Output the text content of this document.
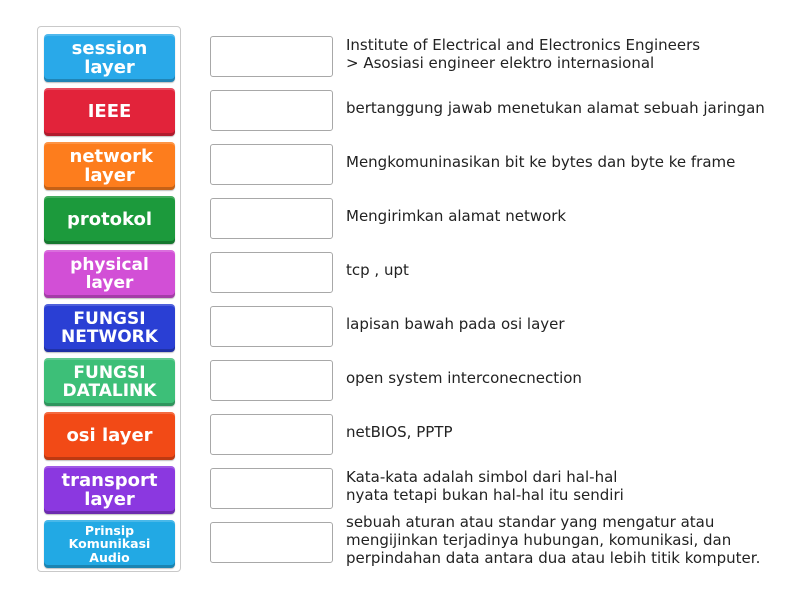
session layer
IEEE
network layer
protokol
physical layer
FUNGSI NETWORK
FUNGSI DATALINK
osi layer
transport layer
Prinsip Komunikasi Audio
Institute of Electrical and Electronics Engineers
> Asosiasi engineer elektro internasional
bertanggung jawab menetukan alamat sebuah jaringan
Mengkomuninasikan bit ke bytes dan byte ke frame
Mengirimkan alamat network
tcp , upt
lapisan bawah pada osi layer
open system interconecnection
netBIOS, PPTP
Kata-kata adalah simbol dari hal-hal
nyata tetapi bukan hal-hal itu sendiri
sebuah aturan atau standar yang mengatur atau
mengijinkan terjadinya hubungan, komunikasi, dan
perpindahan data antara dua atau lebih titik komputer.
